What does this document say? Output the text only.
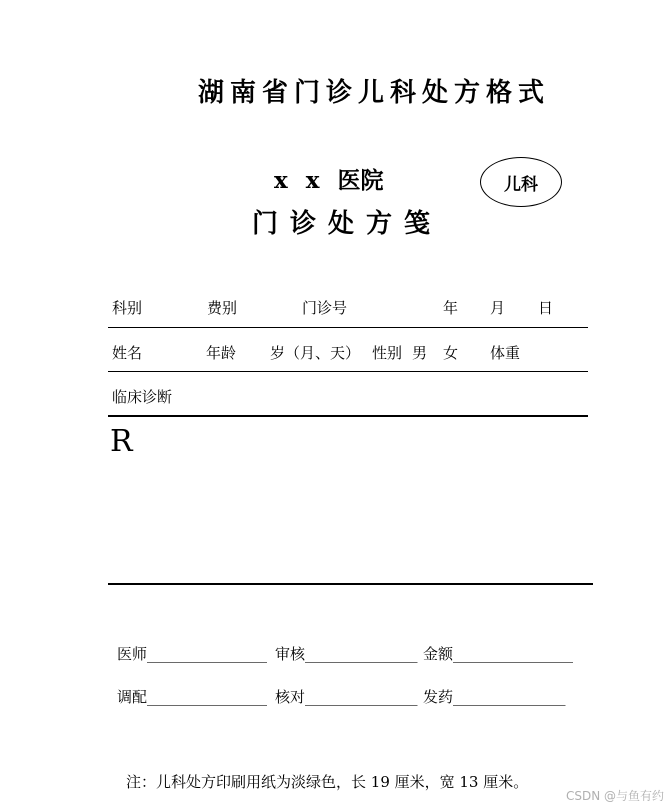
湖南省门诊儿科处方格式
x x 医院	儿科
门诊处方笺
科别	费别	门诊号	年 月 日
姓名	年龄 岁（月、天） 性别 男 女 体重
临床诊断
R
医师________________ 审核_______________ 金额________________
调配________________ 核对_______________ 发药_______________
注：儿科处方印刷用纸为淡绿色，长 19 厘米，宽 13 厘米。
CSDN @与鱼有约
